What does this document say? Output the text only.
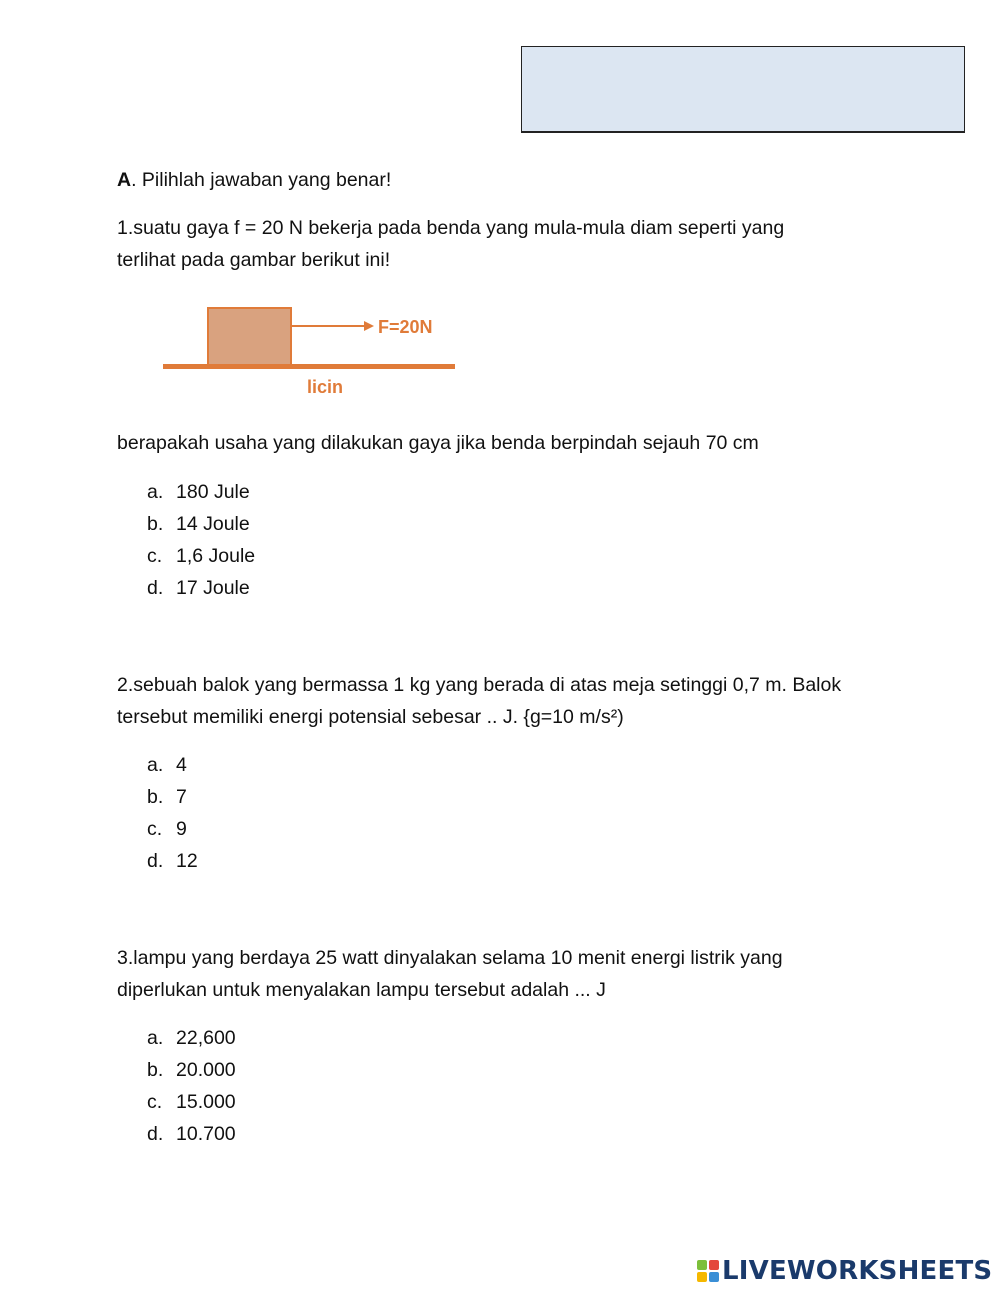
A. Pilihlah jawaban yang benar!
1.suatu gaya f = 20 N bekerja pada benda yang mula-mula diam seperti yang
terlihat pada gambar berikut ini!
berapakah usaha yang dilakukan gaya jika benda berpindah sejauh 70 cm
a. 180 Jule
b. 14 Joule
c. 1,6 Joule
d. 17 Joule
2.sebuah balok yang bermassa 1 kg yang berada di atas meja setinggi 0,7 m. Balok
tersebut memiliki energi potensial sebesar .. J. {g=10 m/s²)
a. 4
b. 7
c. 9
d. 12
3.lampu yang berdaya 25 watt dinyalakan selama 10 menit energi listrik yang
diperlukan untuk menyalakan lampu tersebut adalah ... J
a. 22,600
b. 20.000
c. 15.000
d. 10.700
F=20N
licin
LIVEWORKSHEETS
